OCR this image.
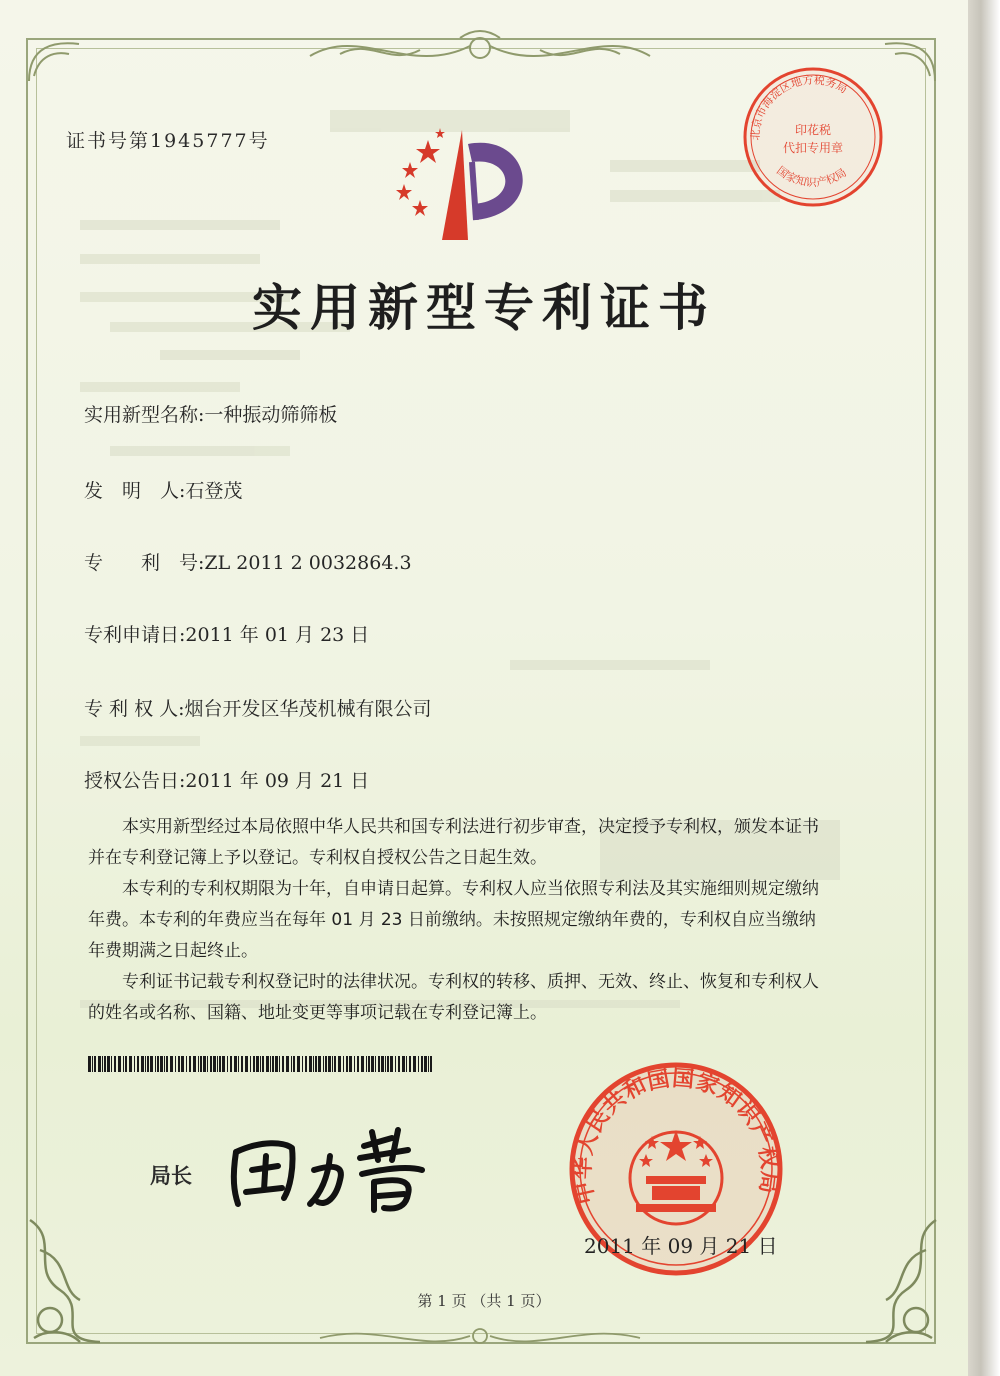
证书号第1945777号
实用新型专利证书
实用新型名称:一种振动筛筛板
发　明　人:石登茂
专　　利　号:ZL 2011 2 0032864.3
专利申请日:2011 年 01 月 23 日
专 利 权 人:烟台开发区华茂机械有限公司
授权公告日:2011 年 09 月 21 日

本实用新型经过本局依照中华人民共和国专利法进行初步审查，决定授予专利权，颁发本证书并在专利登记簿上予以登记。专利权自授权公告之日起生效。

本专利的专利权期限为十年，自申请日起算。专利权人应当依照专利法及其实施细则规定缴纳年费。本专利的年费应当在每年 01 月 23 日前缴纳。未按照规定缴纳年费的，专利权自应当缴纳年费期满之日起终止。

专利证书记载专利权登记时的法律状况。专利权的转移、质押、无效、终止、恢复和专利权人的姓名或名称、国籍、地址变更等事项记载在专利登记簿上。

局长
中华人民共和国国家知识产权局
2011 年 09 月 21 日
北京市海淀区地方税务局
国家知识产权局
印花税
代扣专用章
第 1 页 （共 1 页）
